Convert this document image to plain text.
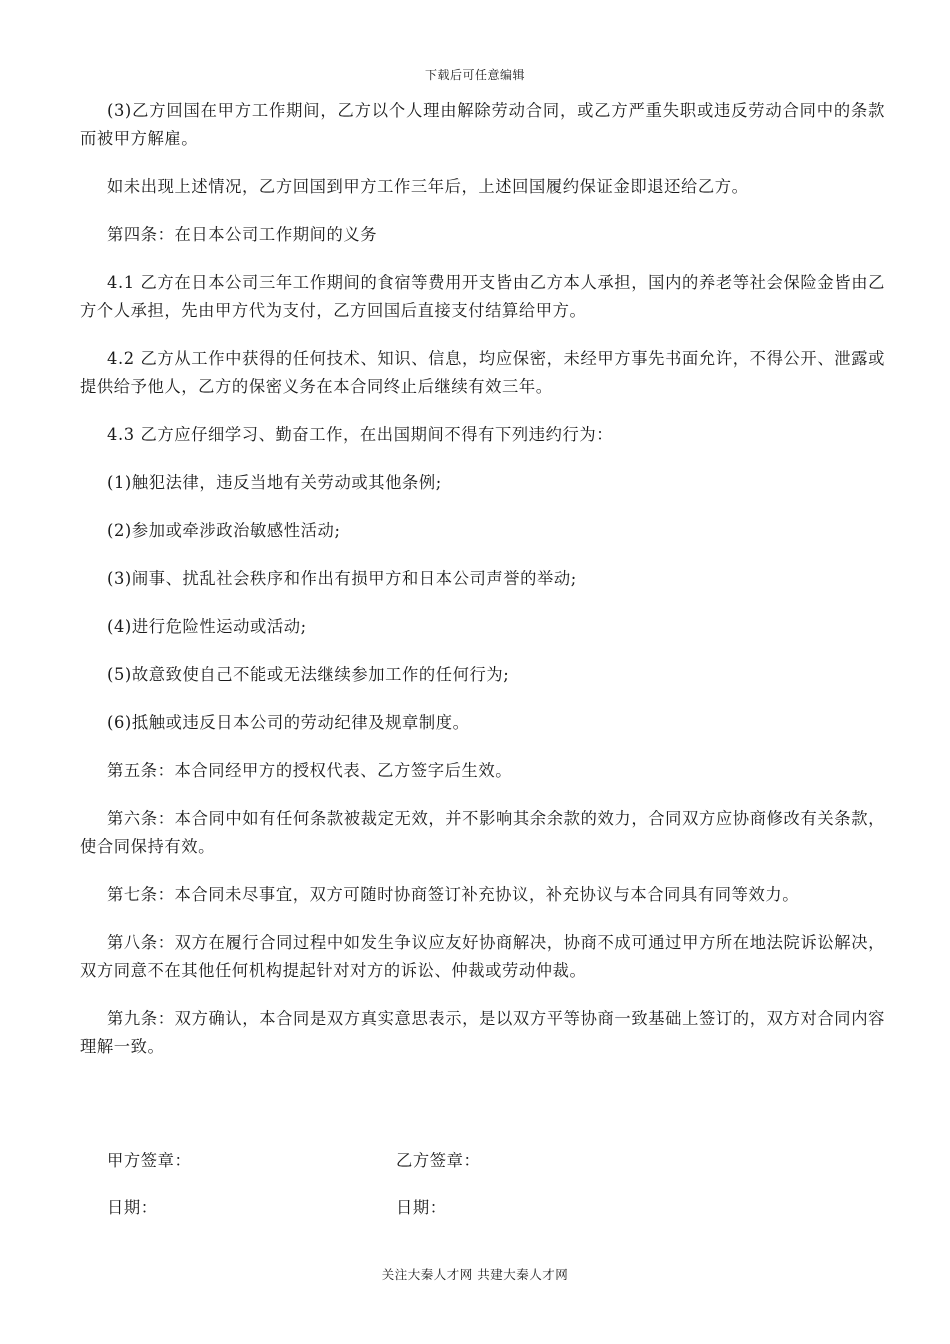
下载后可任意编辑

(3)乙方回国在甲方工作期间，乙方以个人理由解除劳动合同，或乙方严重失职或违反劳动合同中的条款而被甲方解雇。

如未出现上述情况，乙方回国到甲方工作三年后，上述回国履约保证金即退还给乙方。

第四条：在日本公司工作期间的义务

4.1 乙方在日本公司三年工作期间的食宿等费用开支皆由乙方本人承担，国内的养老等社会保险金皆由乙方个人承担，先由甲方代为支付，乙方回国后直接支付结算给甲方。

4.2 乙方从工作中获得的任何技术、知识、信息，均应保密，未经甲方事先书面允许，不得公开、泄露或提供给予他人，乙方的保密义务在本合同终止后继续有效三年。

4.3 乙方应仔细学习、勤奋工作，在出国期间不得有下列违约行为：

(1)触犯法律，违反当地有关劳动或其他条例;

(2)参加或牵涉政治敏感性活动;

(3)闹事、扰乱社会秩序和作出有损甲方和日本公司声誉的举动;

(4)进行危险性运动或活动;

(5)故意致使自己不能或无法继续参加工作的任何行为;

(6)抵触或违反日本公司的劳动纪律及规章制度。

第五条：本合同经甲方的授权代表、乙方签字后生效。

第六条：本合同中如有任何条款被裁定无效，并不影响其余余款的效力，合同双方应协商修改有关条款，使合同保持有效。

第七条：本合同未尽事宜，双方可随时协商签订补充协议，补充协议与本合同具有同等效力。

第八条：双方在履行合同过程中如发生争议应友好协商解决，协商不成可通过甲方所在地法院诉讼解决，双方同意不在其他任何机构提起针对对方的诉讼、仲裁或劳动仲裁。

第九条：双方确认，本合同是双方真实意思表示，是以双方平等协商一致基础上签订的，双方对合同内容理解一致。

甲方签章：	乙方签章：
日期：	日期：
关注大秦人才网 共建大秦人才网
